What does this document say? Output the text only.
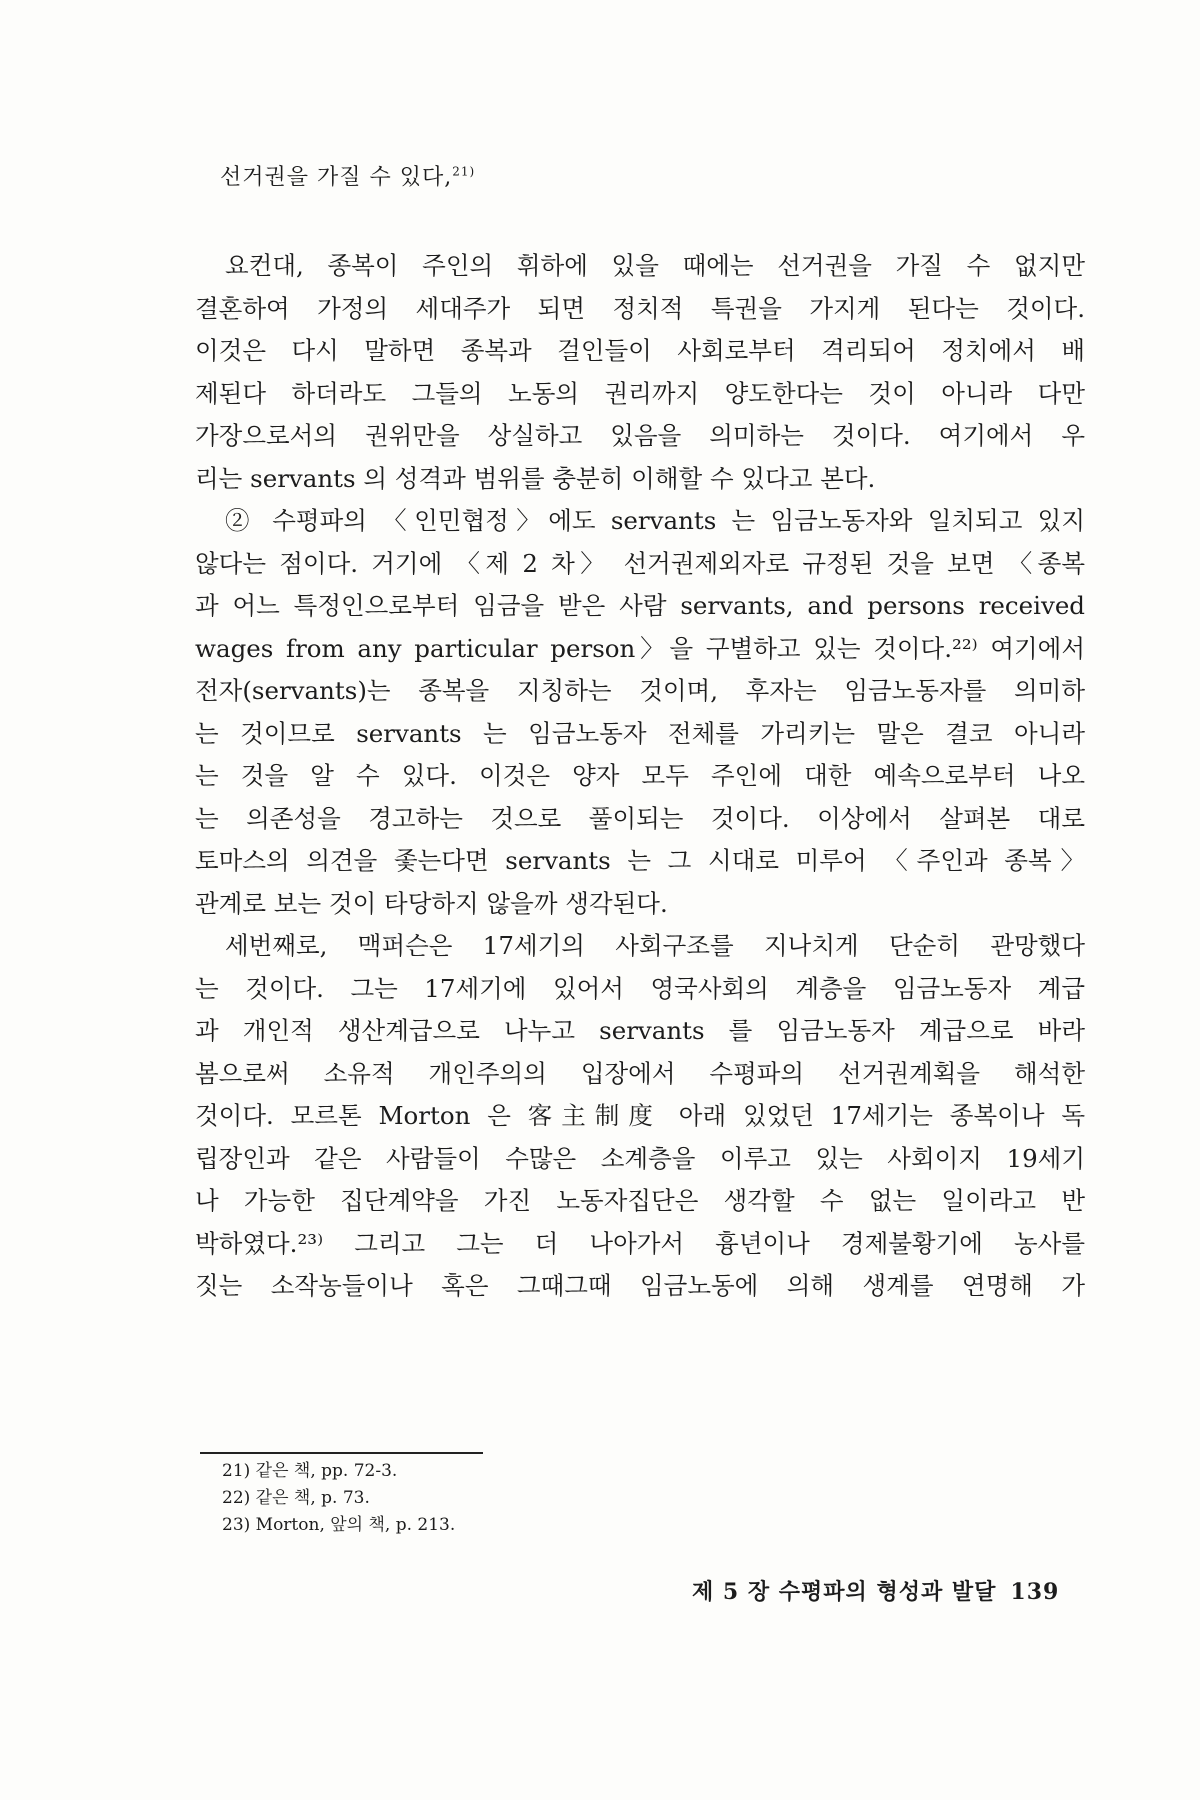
선거권을 가질 수 있다,$^{21)}$
요컨대, 종복이 주인의 휘하에 있을 때에는 선거권을 가질 수 없지만
결혼하여 가정의 세대주가 되면 정치적 특권을 가지게 된다는 것이다.
이것은 다시 말하면 종복과 걸인들이 사회로부터 격리되어 정치에서 배
제된다 하더라도 그들의 노동의 권리까지 양도한다는 것이 아니라 다만
가장으로서의 권위만을 상실하고 있음을 의미하는 것이다. 여기에서 우
리는 servants 의 성격과 범위를 충분히 이해할 수 있다고 본다.
② 수평파의 〈인민협정〉에도 servants 는 임금노동자와 일치되고 있지
않다는 점이다. 거기에 〈제 2 차〉 선거권제외자로 규정된 것을 보면 〈종복
과 어느 특정인으로부터 임금을 받은 사람 servants, and persons received
wages from any particular person〉을 구별하고 있는 것이다.²²⁾ 여기에서
전자(servants)는 종복을 지칭하는 것이며, 후자는 임금노동자를 의미하
는 것이므로 servants 는 임금노동자 전체를 가리키는 말은 결코 아니라
는 것을 알 수 있다. 이것은 양자 모두 주인에 대한 예속으로부터 나오
는 의존성을 경고하는 것으로 풀이되는 것이다. 이상에서 살펴본 대로
토마스의 의견을 좇는다면 servants 는 그 시대로 미루어 〈주인과 종복〉
관계로 보는 것이 타당하지 않을까 생각된다.
세번째로, 맥퍼슨은 17세기의 사회구조를 지나치게 단순히 관망했다
는 것이다. 그는 17세기에 있어서 영국사회의 계층을 임금노동자 계급
과 개인적 생산계급으로 나누고 servants 를 임금노동자 계급으로 바라
봄으로써 소유적 개인주의의 입장에서 수평파의 선거권계획을 해석한
것이다. 모르톤 Morton 은 客主制度 아래 있었던 17세기는 종복이나 독
립장인과 같은 사람들이 수많은 소계층을 이루고 있는 사회이지 19세기
나 가능한 집단계약을 가진 노동자집단은 생각할 수 없는 일이라고 반
박하였다.²³⁾ 그리고 그는 더 나아가서 흉년이나 경제불황기에 농사를
짓는 소작농들이나 혹은 그때그때 임금노동에 의해 생계를 연명해 가
21) 같은 책, pp. 72-3.
22) 같은 책, p. 73.
23) Morton, 앞의 책, p. 213.
제 5 장 수평파의 형성과 발달 139
